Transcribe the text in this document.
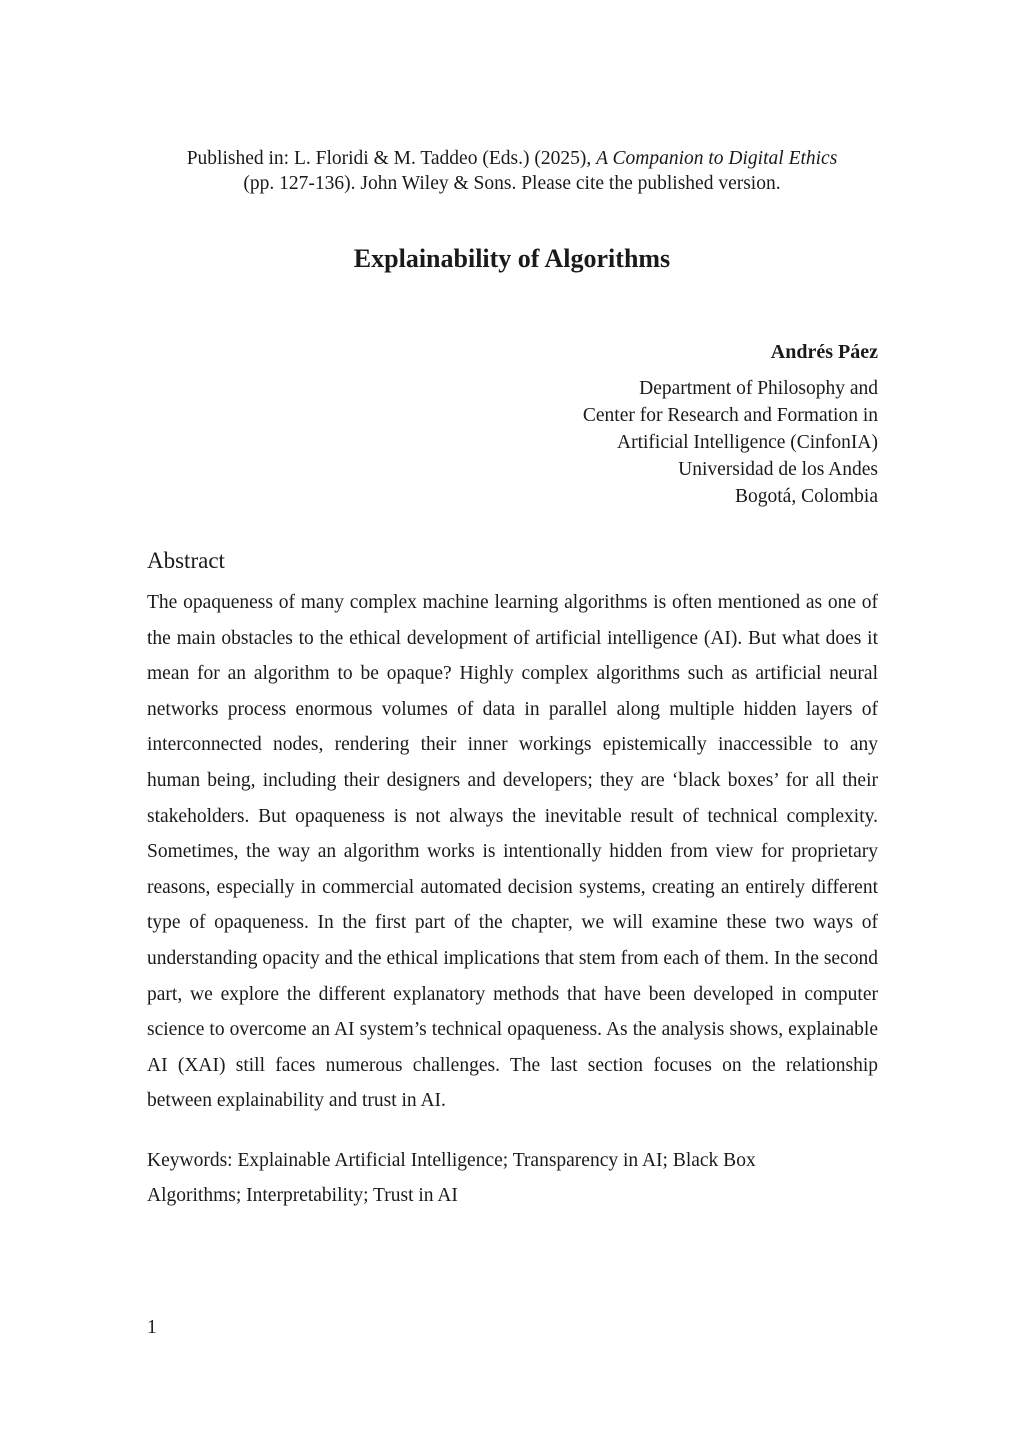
Published in: L. Floridi & M. Taddeo (Eds.) (2025), A Companion to Digital Ethics
(pp. 127-136). John Wiley & Sons. Please cite the published version.
Explainability of Algorithms
Andrés Páez
Department of Philosophy and
Center for Research and Formation in
Artificial Intelligence (CinfonIA)
Universidad de los Andes
Bogotá, Colombia
Abstract

The opaqueness of many complex machine learning algorithms is often mentioned as one of the main obstacles to the ethical development of artificial intelligence (AI). But what does it mean for an algorithm to be opaque? Highly complex algorithms such as artificial neural networks process enormous volumes of data in parallel along multiple hidden layers of interconnected nodes, rendering their inner workings epistemically inaccessible to any human being, including their designers and developers; they are ‘black boxes’ for all their stakeholders. But opaqueness is not always the inevitable result of technical complexity. Sometimes, the way an algorithm works is intentionally hidden from view for proprietary reasons, especially in commercial automated decision systems, creating an entirely different type of opaqueness. In the first part of the chapter, we will examine these two ways of understanding opacity and the ethical implications that stem from each of them. In the second part, we explore the different explanatory methods that have been developed in computer science to overcome an AI system’s technical opaqueness. As the analysis shows, explainable AI (XAI) still faces numerous challenges. The last section focuses on the relationship between explainability and trust in AI.

Keywords: Explainable Artificial Intelligence; Transparency in AI; Black Box Algorithms; Interpretability; Trust in AI

1
